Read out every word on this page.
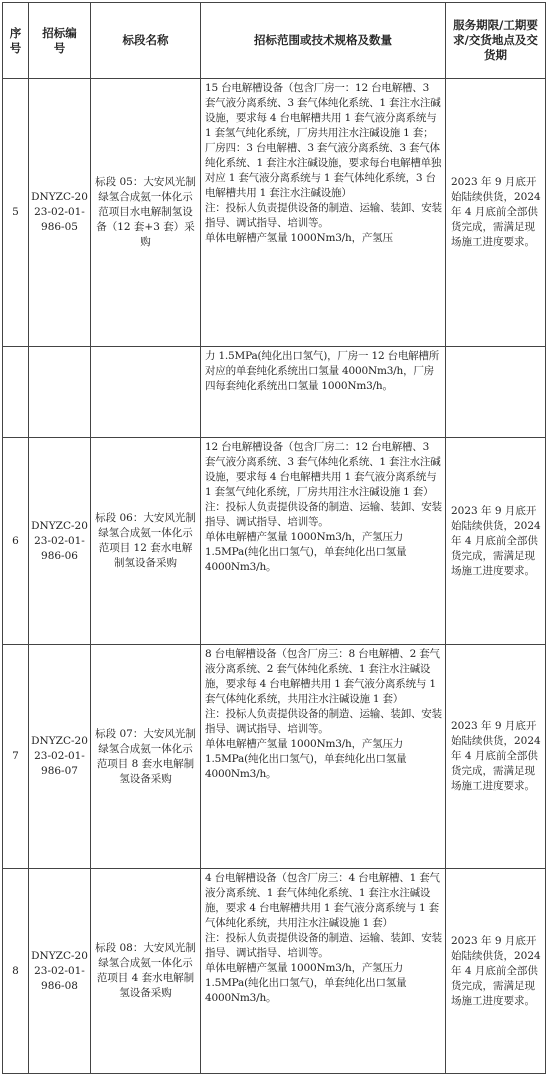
序号	招标编号	标段名称	招标范围或技术规格及数量	服务期限/工期要求/交货地点及交货期
5	DNYZC-2023-02-01-986-05	标段 05：大安风光制绿氢合成氨一体化示范项目水电解制氢设备（12 套+3 套）采购	15 台电解槽设备（包含厂房一：12 台电解槽、3 套气液分离系统、3 套气体纯化系统、1 套注水注碱设施，要求每 4 台电解槽共用 1 套气液分离系统与 1 套氢气纯化系统，厂房共用注水注碱设施 1 套；厂房四：3 台电解槽、3 套气液分离系统、3 套气体纯化系统、1 套注水注碱设施，要求每台电解槽单独对应 1 套气液分离系统与 1 套气体纯化系统，3 台电解槽共用 1 套注水注碱设施）
注：投标人负责提供设备的制造、运输、装卸、安装指导、调试指导、培训等。
单体电解槽产氢量 1000Nm3/h，产氢压	2023 年 9 月底开始陆续供货，2024 年 4 月底前全部供货完成，需满足现场施工进度要求。
			力 1.5MPa(纯化出口氢气)，厂房一 12 台电解槽所对应的单套纯化系统出口氢量 4000Nm3/h，厂房四每套纯化系统出口氢量 1000Nm3/h。	
6	DNYZC-2023-02-01-986-06	标段 06：大安风光制绿氢合成氨一体化示范项目 12 套水电解制氢设备采购	12 台电解槽设备（包含厂房二：12 台电解槽、3 套气液分离系统、3 套气体纯化系统、1 套注水注碱设施，要求每 4 台电解槽共用 1 套气液分离系统与 1 套氢气纯化系统，厂房共用注水注碱设施 1 套）
注：投标人负责提供设备的制造、运输、装卸、安装指导、调试指导、培训等。
单体电解槽产氢量 1000Nm3/h，产氢压力 1.5MPa(纯化出口氢气)，单套纯化出口氢量 4000Nm3/h。	2023 年 9 月底开始陆续供货，2024 年 4 月底前全部供货完成，需满足现场施工进度要求。
7	DNYZC-2023-02-01-986-07	标段 07：大安风光制绿氢合成氨一体化示范项目 8 套水电解制氢设备采购	8 台电解槽设备（包含厂房三：8 台电解槽、2 套气液分离系统、2 套气体纯化系统、1 套注水注碱设施，要求每 4 台电解槽共用 1 套气液分离系统与 1 套气体纯化系统，共用注水注碱设施 1 套）
注：投标人负责提供设备的制造、运输、装卸、安装指导、调试指导、培训等。
单体电解槽产氢量 1000Nm3/h，产氢压力 1.5MPa(纯化出口氢气)，单套纯化出口氢量 4000Nm3/h。	2023 年 9 月底开始陆续供货，2024 年 4 月底前全部供货完成，需满足现场施工进度要求。
8	DNYZC-2023-02-01-986-08	标段 08：大安风光制绿氢合成氨一体化示范项目 4 套水电解制氢设备采购	4 台电解槽设备（包含厂房三：4 台电解槽、1 套气液分离系统、1 套气体纯化系统、1 套注水注碱设施，要求 4 台电解槽共用 1 套气液分离系统与 1 套气体纯化系统，共用注水注碱设施 1 套）
注：投标人负责提供设备的制造、运输、装卸、安装指导、调试指导、培训等。
单体电解槽产氢量 1000Nm3/h，产氢压力 1.5MPa(纯化出口氢气)，单套纯化出口氢量 4000Nm3/h。	2023 年 9 月底开始陆续供货，2024 年 4 月底前全部供货完成，需满足现场施工进度要求。
